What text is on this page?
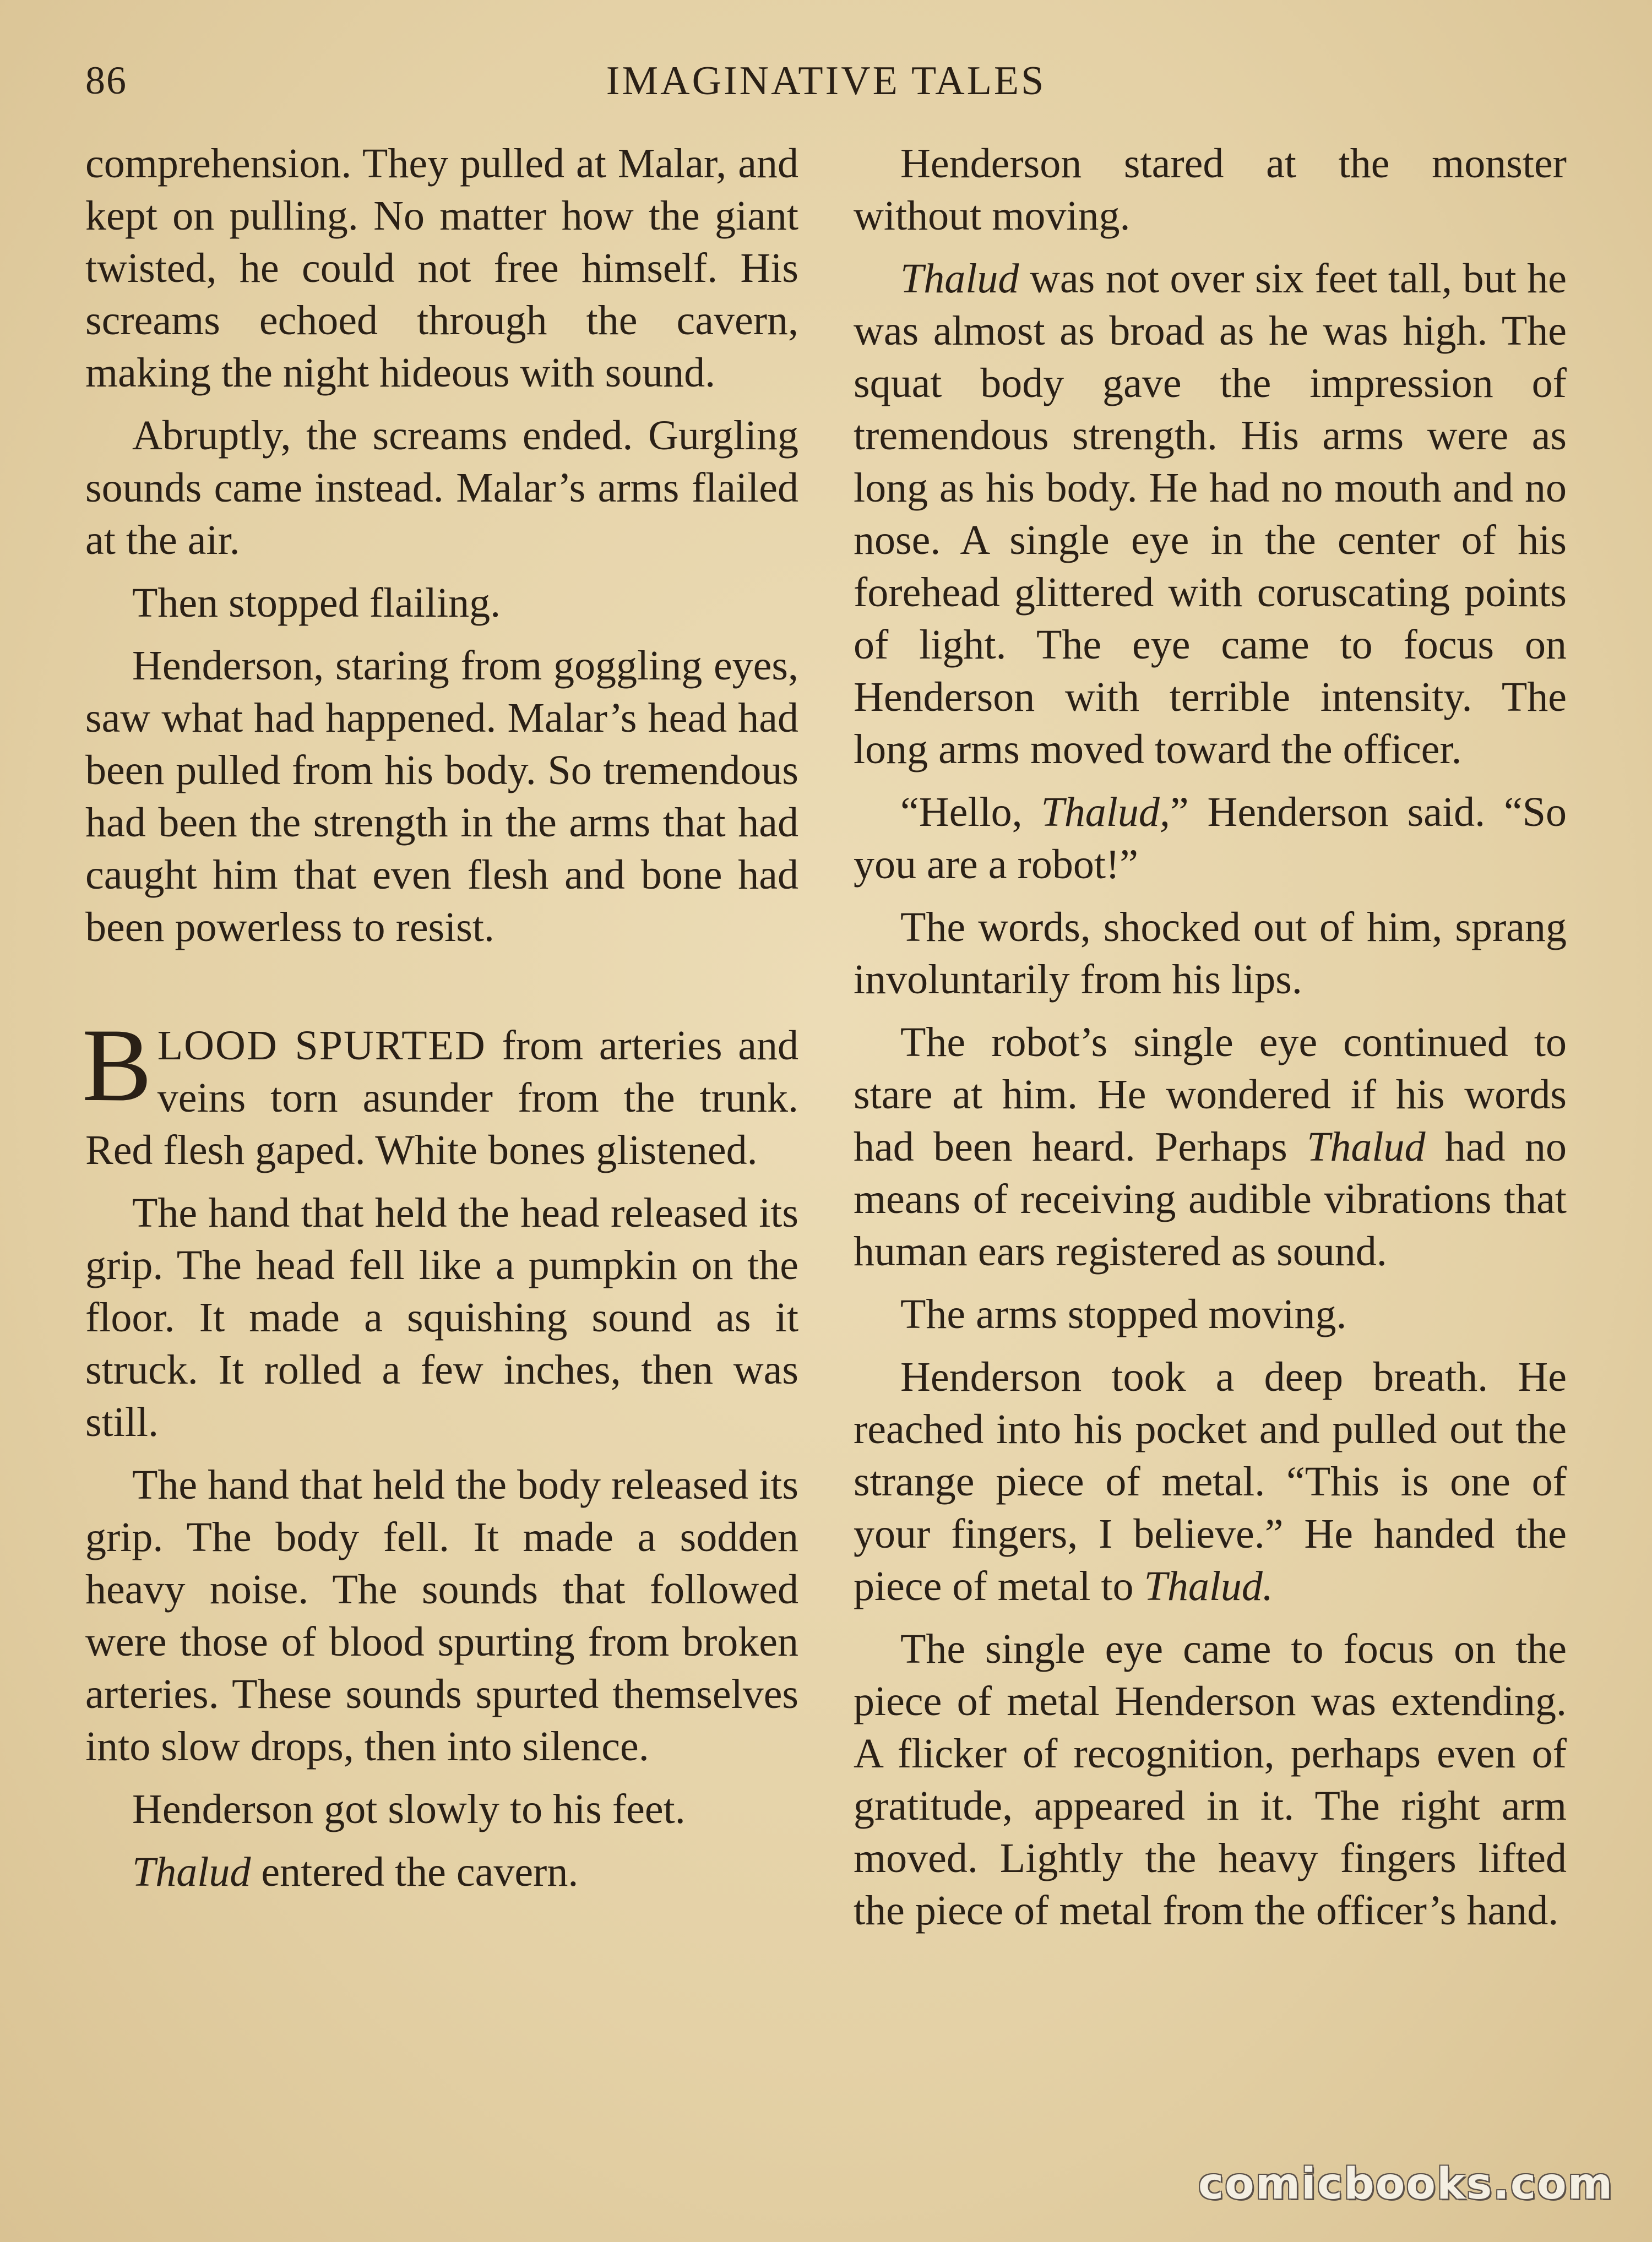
86	IMAGINATIVE TALES

comprehension. They pulled at Malar, and kept on pulling. No matter how the giant twisted, he could not free himself. His screams echoed through the cavern, making the night hideous with sound.

Abruptly, the screams ended. Gurgling sounds came instead. Malar’s arms flailed at the air.

Then stopped flailing.

Henderson, staring from goggling eyes, saw what had happened. Malar’s head had been pulled from his body. So tremendous had been the strength in the arms that had caught him that even flesh and bone had been powerless to resist.

BLOOD SPURTED from arteries and veins torn asunder from the trunk. Red flesh gaped. White bones glistened.

The hand that held the head released its grip. The head fell like a pumpkin on the floor. It made a squishing sound as it struck. It rolled a few inches, then was still.

The hand that held the body released its grip. The body fell. It made a sodden heavy noise. The sounds that followed were those of blood spurting from broken arteries. These sounds spurted themselves into slow drops, then into silence.

Henderson got slowly to his feet.

Thalud entered the cavern.

Henderson stared at the monster without moving.

Thalud was not over six feet tall, but he was almost as broad as he was high. The squat body gave the impression of tremendous strength. His arms were as long as his body. He had no mouth and no nose. A single eye in the center of his forehead glittered with coruscating points of light. The eye came to focus on Henderson with terrible intensity. The long arms moved toward the officer.

“Hello, Thalud,” Henderson said. “So you are a robot!”

The words, shocked out of him, sprang involuntarily from his lips.

The robot’s single eye continued to stare at him. He wondered if his words had been heard. Perhaps Thalud had no means of receiving audible vibrations that human ears registered as sound.

The arms stopped moving.

Henderson took a deep breath. He reached into his pocket and pulled out the strange piece of metal. “This is one of your fingers, I believe.” He handed the piece of metal to Thalud.

The single eye came to focus on the piece of metal Henderson was extending. A flicker of recognition, perhaps even of gratitude, appeared in it. The right arm moved. Lightly the heavy fingers lifted the piece of metal from the officer’s hand.

comicbooks.com
